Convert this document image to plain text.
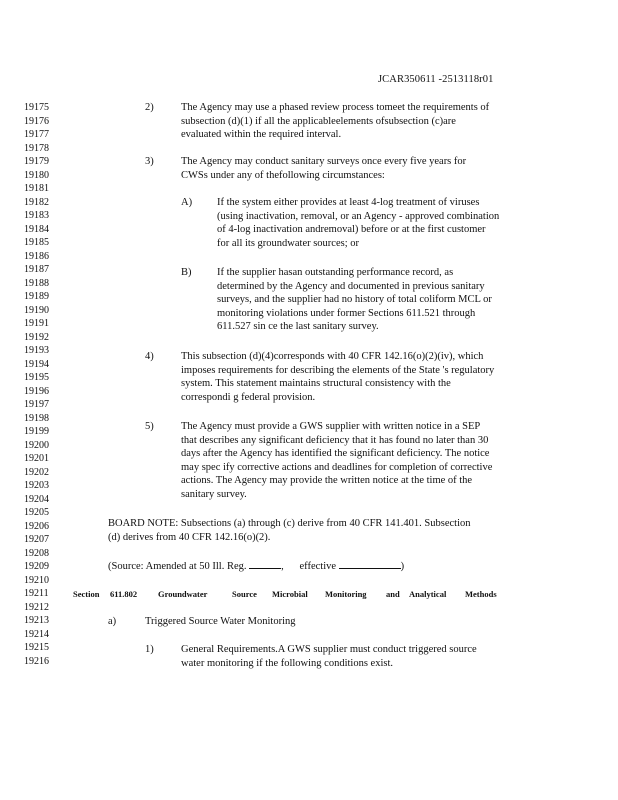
JCAR350611 -2513118r01
19175
19176
19177
19178
19179
19180
19181
19182
19183
19184
19185
19186
19187
19188
19189
19190
19191
19192
19193
19194
19195
19196
19197
19198
19199
19200
19201
19202
19203
19204
19205
19206
19207
19208
19209
19210
19211
19212
19213
19214
19215
19216
2)	The Agency may use a phased review process tomeet the requirements of
subsection (d)(1) if all the applicableelements ofsubsection (c)are
evaluated within the required interval.
3)	The Agency may conduct sanitary surveys once every five years for
CWSs under any of thefollowing circumstances:
A) If the system either provides at least 4-log treatment of viruses
(using inactivation, removal, or an Agency - approved combination
of 4-log inactivation andremoval) before or at the first customer
for all its groundwater sources; or
B) If the supplier hasan outstanding performance record, as
determined by the Agency and documented in previous sanitary
surveys, and the supplier had no history of total coliform MCL or
monitoring violations under former Sections 611.521 through
611.527 sin ce the last sanitary survey.
4)	This subsection (d)(4)corresponds with 40 CFR 142.16(o)(2)(iv), which
imposes requirements for describing the elements of the State 's regulatory
system. This statement maintains structural consistency with the
correspondi g federal provision.
5)	The Agency must provide a GWS supplier with written notice in a SEP
that describes any significant deficiency that it has found no later than 30
days after the Agency has identified the significant deficiency. The notice
may spec ify corrective actions and deadlines for completion of corrective
actions. The Agency may provide the written notice at the time of the
sanitary survey.
BOARD NOTE: Subsections (a) through (c) derive from 40 CFR 141.401. Subsection
(d) derives from 40 CFR 142.16(o)(2).
(Source: Amended at 50 Ill. Reg.	,      effective	)
Section 611.802 Groundwater	Source Microbial Monitoring and Analytical Methods
a)	Triggered Source Water Monitoring
1)	General Requirements.A GWS supplier must conduct triggered source
water monitoring if the following conditions exist.
